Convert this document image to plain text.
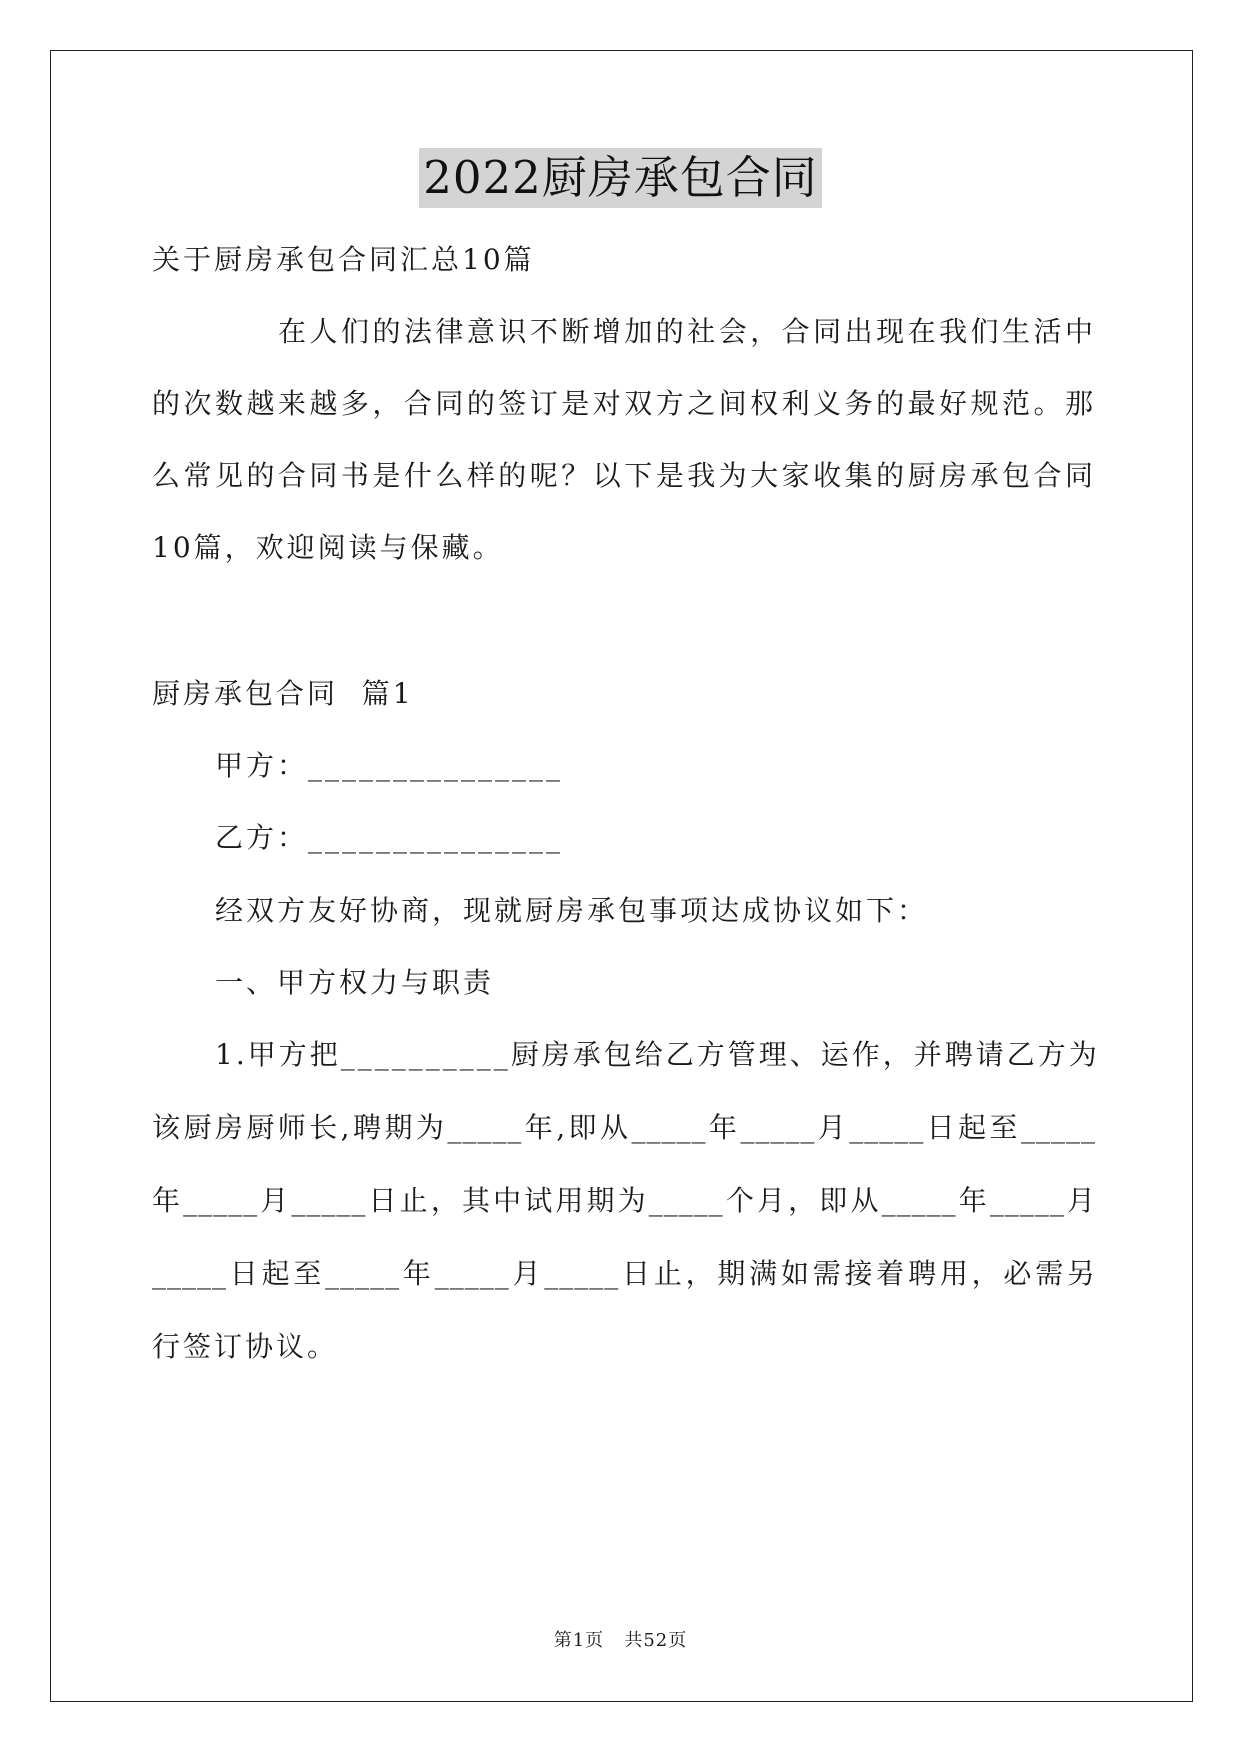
2022厨房承包合同
关于厨房承包合同汇总10篇
在人们的法律意识不断增加的社会，合同出现在我们生活中
的次数越来越多，合同的签订是对双方之间权利义务的最好规范。那
么常见的合同书是什么样的呢？以下是我为大家收集的厨房承包合同
10篇，欢迎阅读与保藏。
厨房承包合同  篇1
甲方：_______________
乙方：_______________
经双方友好协商，现就厨房承包事项达成协议如下：
一、甲方权力与职责
1.甲方把__________厨房承包给乙方管理、运作，并聘请乙方为
该厨房厨师长,聘期为_____年,即从_____年_____月_____日起至_____
年_____月_____日止，其中试用期为_____个月，即从_____年_____月
_____日起至_____年_____月_____日止，期满如需接着聘用，必需另
行签订协议。
第1页   共52页
